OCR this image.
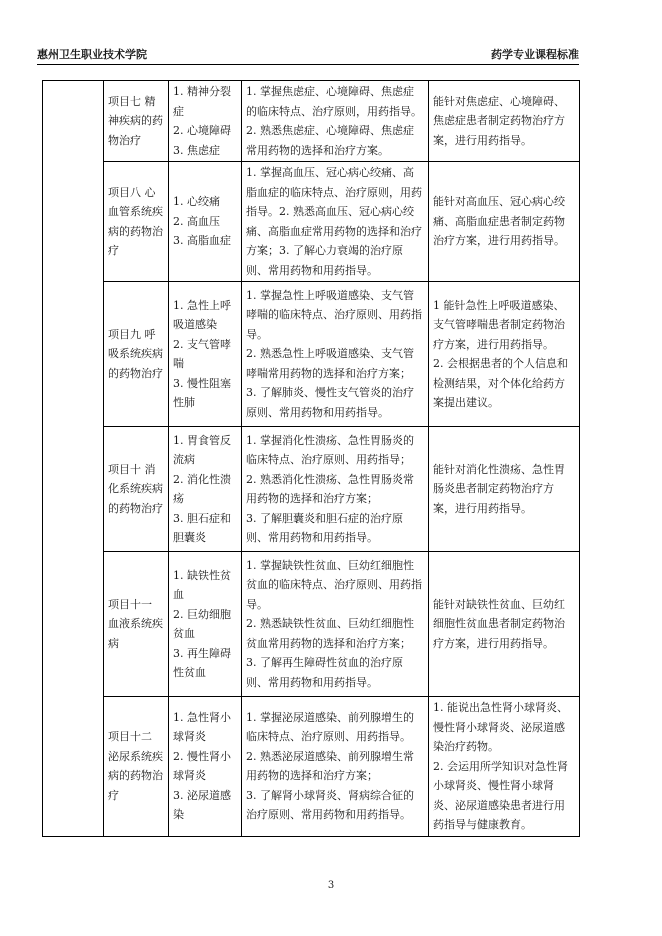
惠州卫生职业技术学院	药学专业课程标准
	项目七 精神疾病的药物治疗	1. 精神分裂症
2. 心境障碍
3. 焦虑症	1. 掌握焦虑症、心境障碍、焦虑症的临床特点、治疗原则，用药指导。
2. 熟悉焦虑症、心境障碍、焦虑症常用药物的选择和治疗方案。	能针对焦虑症、心境障碍、焦虑症患者制定药物治疗方案，进行用药指导。

	项目八 心血管系统疾病的药物治疗	1. 心绞痛
2. 高血压
3. 高脂血症	1. 掌握高血压、冠心病心绞痛、高脂血症的临床特点、治疗原则，用药指导。2. 熟悉高血压、冠心病心绞痛、高脂血症常用药物的选择和治疗方案；3. 了解心力衰竭的治疗原则、常用药物和用药指导。	能针对高血压、冠心病心绞痛、高脂血症患者制定药物治疗方案，进行用药指导。

	项目九 呼吸系统疾病的药物治疗	1. 急性上呼吸道感染
2. 支气管哮喘
3. 慢性阻塞性肺	1. 掌握急性上呼吸道感染、支气管哮喘的临床特点、治疗原则、用药指导。
2. 熟悉急性上呼吸道感染、支气管哮喘常用药物的选择和治疗方案；
3. 了解肺炎、慢性支气管炎的治疗原则、常用药物和用药指导。	1 能针急性上呼吸道感染、支气管哮喘患者制定药物治疗方案，进行用药指导。
2. 会根据患者的个人信息和检测结果，对个体化给药方案提出建议。

	项目十 消化系统疾病的药物治疗	1. 胃食管反流病
2. 消化性溃疡
3. 胆石症和胆囊炎	1. 掌握消化性溃疡、急性胃肠炎的临床特点、治疗原则、用药指导；
2. 熟悉消化性溃疡、急性胃肠炎常用药物的选择和治疗方案；
3. 了解胆囊炎和胆石症的治疗原则、常用药物和用药指导。	能针对消化性溃疡、急性胃肠炎患者制定药物治疗方案，进行用药指导。

	项目十一 血液系统疾病	1. 缺铁性贫血
2. 巨幼细胞贫血
3. 再生障碍性贫血	1. 掌握缺铁性贫血、巨幼红细胞性贫血的临床特点、治疗原则、用药指导。
2. 熟悉缺铁性贫血、巨幼红细胞性贫血常用药物的选择和治疗方案；
3. 了解再生障碍性贫血的治疗原则、常用药物和用药指导。	能针对缺铁性贫血、巨幼红细胞性贫血患者制定药物治疗方案，进行用药指导。

	项目十二 泌尿系统疾病的药物治疗	1. 急性肾小球肾炎
2. 慢性肾小球肾炎
3. 泌尿道感染	1. 掌握泌尿道感染、前列腺增生的临床特点、治疗原则、用药指导。
2. 熟悉泌尿道感染、前列腺增生常用药物的选择和治疗方案；
3. 了解肾小球肾炎、肾病综合征的治疗原则、常用药物和用药指导。	1. 能说出急性肾小球肾炎、慢性肾小球肾炎、泌尿道感染治疗药物。
2. 会运用所学知识对急性肾小球肾炎、慢性肾小球肾炎、泌尿道感染患者进行用药指导与健康教育。
3
